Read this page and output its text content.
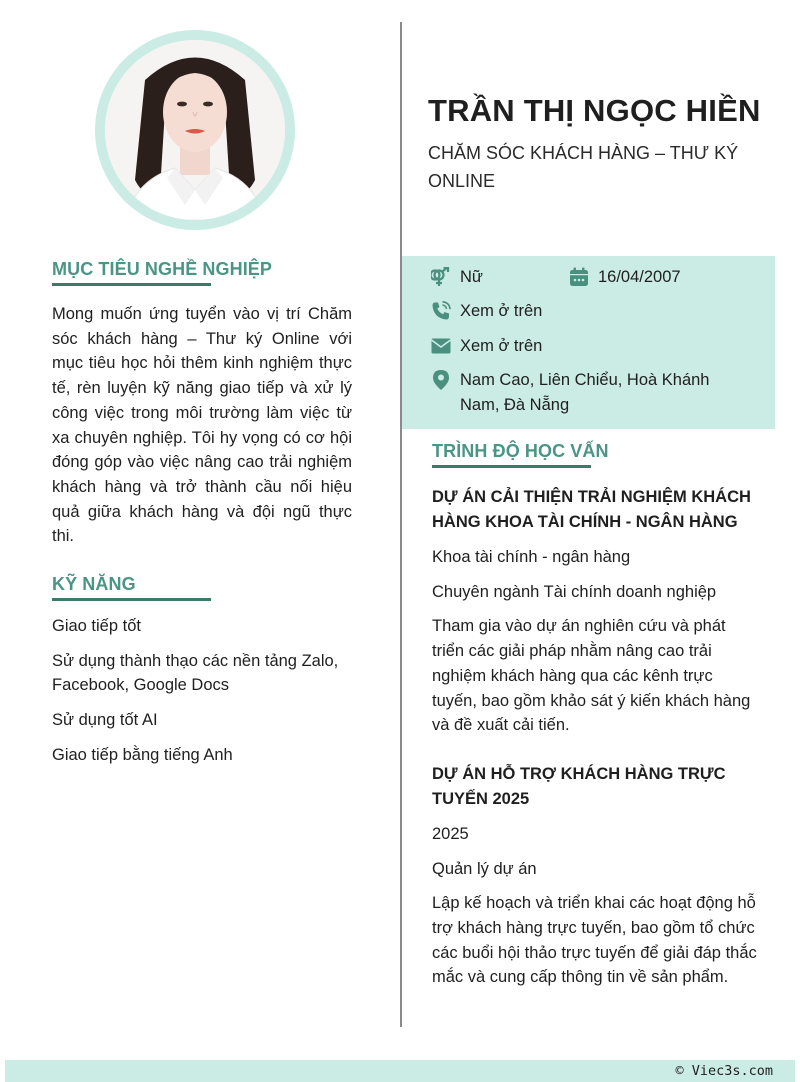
TRẦN THỊ NGỌC HIỀN
CHĂM SÓC KHÁCH HÀNG – THƯ KÝ ONLINE
Nữ	16/04/2007
Xem ở trên
Xem ở trên
Nam Cao, Liên Chiểu, Hoà Khánh Nam, Đà Nẵng
MỤC TIÊU NGHỀ NGHIỆP

Mong muốn ứng tuyển vào vị trí Chăm sóc khách hàng – Thư ký Online với mục tiêu học hỏi thêm kinh nghiệm thực tế, rèn luyện kỹ năng giao tiếp và xử lý công việc trong môi trường làm việc từ xa chuyên nghiệp. Tôi hy vọng có cơ hội đóng góp vào việc nâng cao trải nghiệm khách hàng và trở thành cầu nối hiệu quả giữa khách hàng và đội ngũ thực thi.

KỸ NĂNG
Giao tiếp tốt
Sử dụng thành thạo các nền tảng Zalo, Facebook, Google Docs
Sử dụng tốt AI
Giao tiếp bằng tiếng Anh
TRÌNH ĐỘ HỌC VẤN
DỰ ÁN CẢI THIỆN TRẢI NGHIỆM KHÁCH HÀNG KHOA TÀI CHÍNH - NGÂN HÀNG
Khoa tài chính - ngân hàng
Chuyên ngành Tài chính doanh nghiệp
Tham gia vào dự án nghiên cứu và phát triển các giải pháp nhằm nâng cao trải nghiệm khách hàng qua các kênh trực tuyến, bao gồm khảo sát ý kiến khách hàng và đề xuất cải tiến.
DỰ ÁN HỖ TRỢ KHÁCH HÀNG TRỰC TUYẾN 2025
2025
Quản lý dự án
Lập kế hoạch và triển khai các hoạt động hỗ trợ khách hàng trực tuyến, bao gồm tổ chức các buổi hội thảo trực tuyến để giải đáp thắc mắc và cung cấp thông tin về sản phẩm.
© Viec3s.com
